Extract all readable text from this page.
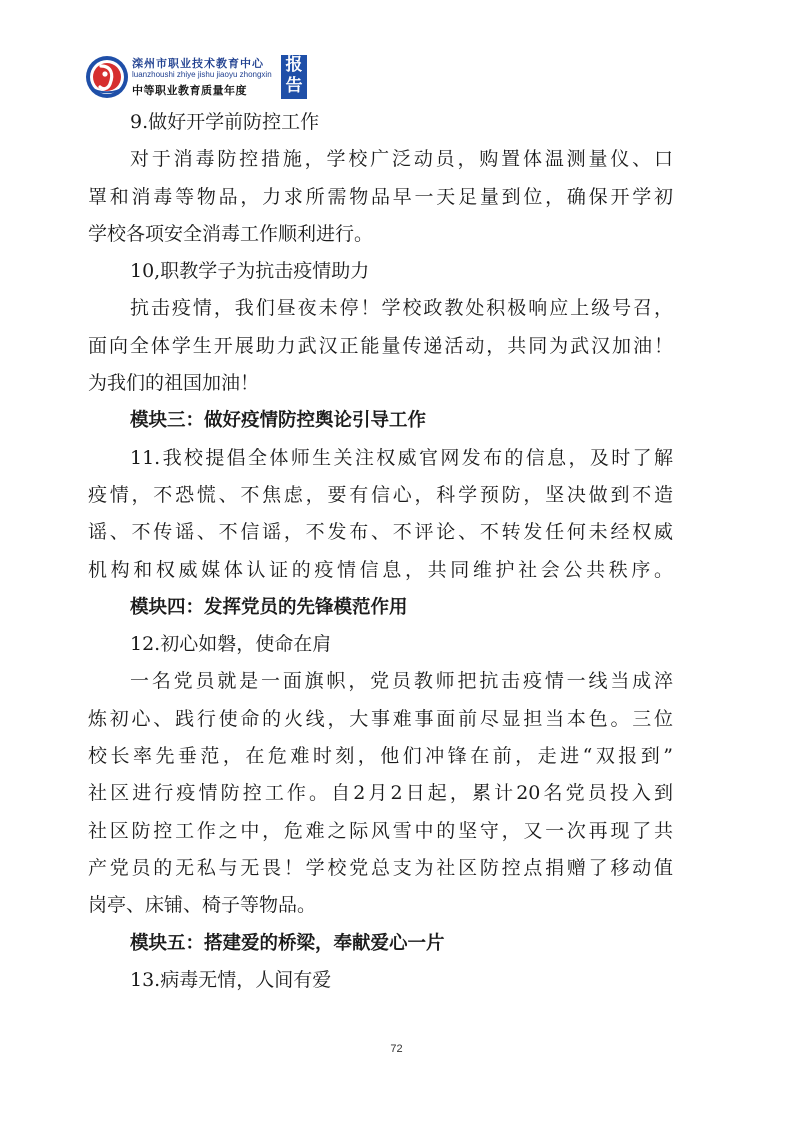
滦州市职业技术教育中心
luanzhoushi zhiye jishu jiaoyu zhongxin
中等职业教育质量年度
报
告
9.做好开学前防控工作
对于消毒防控措施，学校广泛动员，购置体温测量仪、口
罩和消毒等物品，力求所需物品早一天足量到位，确保开学初
学校各项安全消毒工作顺利进行。
10,职教学子为抗击疫情助力
抗击疫情，我们昼夜未停！学校政教处积极响应上级号召，
面向全体学生开展助力武汉正能量传递活动，共同为武汉加油！
为我们的祖国加油！
模块三：做好疫情防控舆论引导工作
11.我校提倡全体师生关注权威官网发布的信息，及时了解
疫情，不恐慌、不焦虑，要有信心，科学预防，坚决做到不造
谣、不传谣、不信谣，不发布、不评论、不转发任何未经权威
机构和权威媒体认证的疫情信息，共同维护社会公共秩序。
模块四：发挥党员的先锋模范作用
12.初心如磐，使命在肩
一名党员就是一面旗帜，党员教师把抗击疫情一线当成淬
炼初心、践行使命的火线，大事难事面前尽显担当本色。三位
校长率先垂范，在危难时刻，他们冲锋在前，走进“双报到”
社区进行疫情防控工作。自2月2日起，累计20名党员投入到
社区防控工作之中，危难之际风雪中的坚守，又一次再现了共
产党员的无私与无畏！学校党总支为社区防控点捐赠了移动值
岗亭、床铺、椅子等物品。
模块五：搭建爱的桥梁，奉献爱心一片
13.病毒无情，人间有爱
72
